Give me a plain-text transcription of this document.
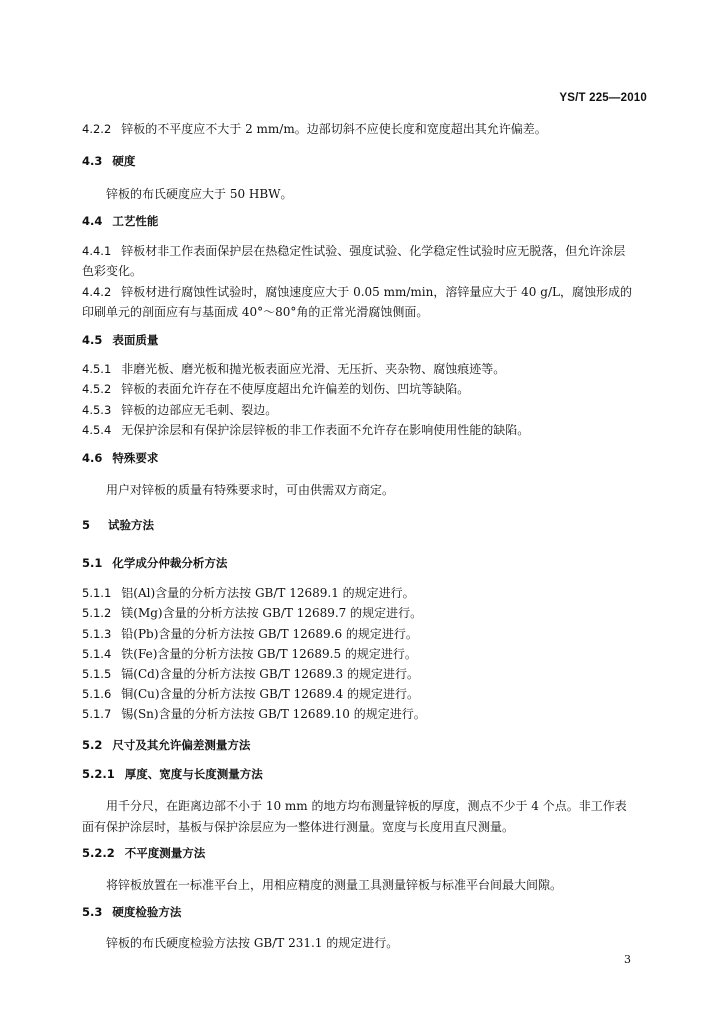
YS/T 225—2010
4.2.2 锌板的不平度应不大于 2 mm/m。边部切斜不应使长度和宽度超出其允许偏差。
4.3 硬度
锌板的布氏硬度应大于 50 HBW。
4.4 工艺性能
4.4.1 锌板材非工作表面保护层在热稳定性试验、强度试验、化学稳定性试验时应无脱落，但允许涂层
色彩变化。
4.4.2 锌板材进行腐蚀性试验时，腐蚀速度应大于 0.05 mm/min，溶锌量应大于 40 g/L，腐蚀形成的
印刷单元的剖面应有与基面成 40°～80°角的正常光滑腐蚀侧面。
4.5 表面质量
4.5.1 非磨光板、磨光板和抛光板表面应光滑、无压折、夹杂物、腐蚀痕迹等。
4.5.2 锌板的表面允许存在不使厚度超出允许偏差的划伤、凹坑等缺陷。
4.5.3 锌板的边部应无毛刺、裂边。
4.5.4 无保护涂层和有保护涂层锌板的非工作表面不允许存在影响使用性能的缺陷。
4.6 特殊要求
用户对锌板的质量有特殊要求时，可由供需双方商定。
5 试验方法
5.1 化学成分仲裁分析方法
5.1.1 铝(Al)含量的分析方法按 GB/T 12689.1 的规定进行。
5.1.2 镁(Mg)含量的分析方法按 GB/T 12689.7 的规定进行。
5.1.3 铅(Pb)含量的分析方法按 GB/T 12689.6 的规定进行。
5.1.4 铁(Fe)含量的分析方法按 GB/T 12689.5 的规定进行。
5.1.5 镉(Cd)含量的分析方法按 GB/T 12689.3 的规定进行。
5.1.6 铜(Cu)含量的分析方法按 GB/T 12689.4 的规定进行。
5.1.7 锡(Sn)含量的分析方法按 GB/T 12689.10 的规定进行。
5.2 尺寸及其允许偏差测量方法
5.2.1 厚度、宽度与长度测量方法
用千分尺，在距离边部不小于 10 mm 的地方均布测量锌板的厚度，测点不少于 4 个点。非工作表
面有保护涂层时，基板与保护涂层应为一整体进行测量。宽度与长度用直尺测量。
5.2.2 不平度测量方法
将锌板放置在一标准平台上，用相应精度的测量工具测量锌板与标准平台间最大间隙。
5.3 硬度检验方法
锌板的布氏硬度检验方法按 GB/T 231.1 的规定进行。
3
